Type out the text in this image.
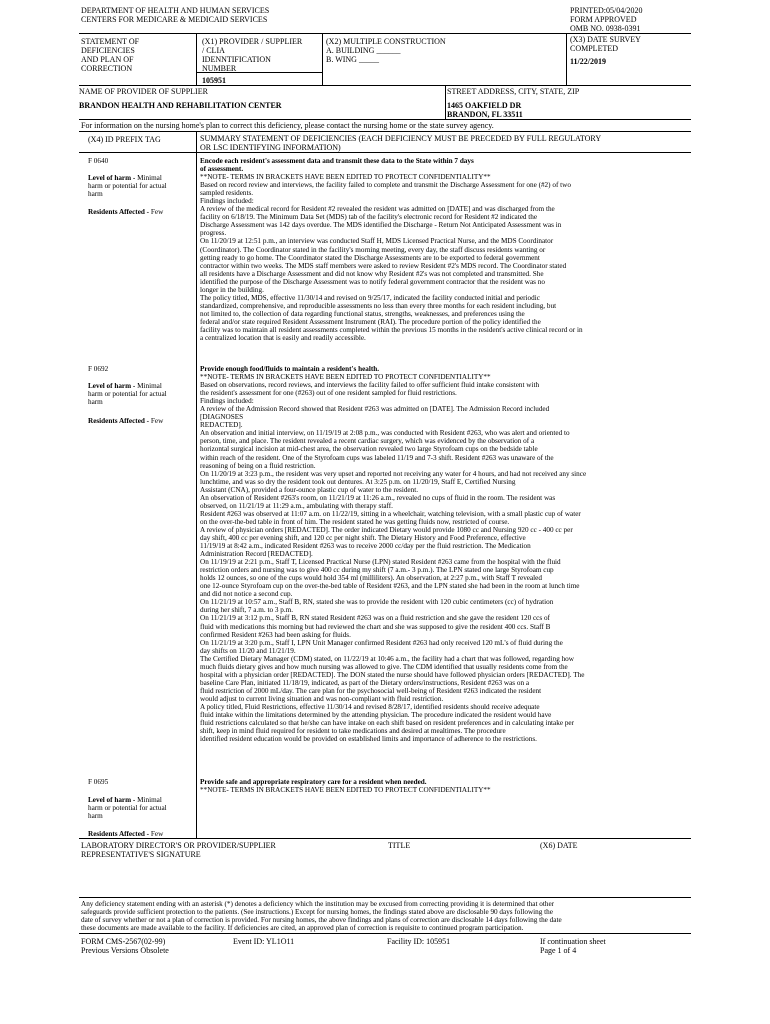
DEPARTMENT OF HEALTH AND HUMAN SERVICES
CENTERS FOR MEDICARE & MEDICAID SERVICES
PRINTED:05/04/2020
FORM APPROVED
OMB NO. 0938-0391
STATEMENT OF
DEFICIENCIES
AND PLAN OF
CORRECTION
(X1) PROVIDER / SUPPLIER
/ CLIA
IDENNTIFICATION
NUMBER
105951
(X2) MULTIPLE CONSTRUCTION
A. BUILDING ______
B. WING _____
(X3) DATE SURVEY
COMPLETED
11/22/2019
NAME OF PROVIDER OF SUPPLIER
BRANDON HEALTH AND REHABILITATION CENTER
STREET ADDRESS, CITY, STATE, ZIP
1465 OAKFIELD DR
BRANDON, FL 33511
For information on the nursing home's plan to correct this deficiency, please contact the nursing home or the state survey agency.
(X4) ID PREFIX TAG	SUMMARY STATEMENT OF DEFICIENCIES (EACH DEFICIENCY MUST BE PRECEDED BY FULL REGULATORY
OR LSC IDENTIFYING INFORMATION)
F 0640
Level of harm - Minimal
harm or potential for actual
harm
Residents Affected - Few
Encode each resident's assessment data and transmit these data to the State within 7 days
of assessment.
**NOTE- TERMS IN BRACKETS HAVE BEEN EDITED TO PROTECT CONFIDENTIALITY**
Based on record review and interviews, the facility failed to complete and transmit the Discharge Assessment for one (#2) of two
sampled residents.
Findings included:
A review of the medical record for Resident #2 revealed the resident was admitted on [DATE] and was discharged from the
facility on 6/18/19. The Minimum Data Set (MDS) tab of the facility's electronic record for Resident #2 indicated the
Discharge Assessment was 142 days overdue. The MDS identified the Discharge - Return Not Anticipated Assessment was in
progress.
On 11/20/19 at 12:51 p.m., an interview was conducted Staff H, MDS Licensed Practical Nurse, and the MDS Coordinator
(Coordinator). The Coordinator stated in the facility's morning meeting, every day, the staff discuss residents wanting or
getting ready to go home. The Coordinator stated the Discharge Assessments are to be exported to federal government
contractor within two weeks. The MDS staff members were asked to review Resident #2's MDS record. The Coordinator stated
all residents have a Discharge Assessment and did not know why Resident #2's was not completed and transmitted. She
identified the purpose of the Discharge Assessment was to notify federal government contractor that the resident was no
longer in the building.
The policy titled, MDS, effective 11/30/14 and revised on 9/25/17, indicated the facility conducted initial and periodic
standardized, comprehensive, and reproducible assessments no less than every three months for each resident including, but
not limited to, the collection of data regarding functional status, strengths, weaknesses, and preferences using the
federal and/or state required Resident Assessment Instrument (RAI). The procedure portion of the policy identified the
facility was to maintain all resident assessments completed within the previous 15 months in the resident's active clinical record or in
a centralized location that is easily and readily accessible.
F 0692
Level of harm - Minimal
harm or potential for actual
harm
Residents Affected - Few
Provide enough food/fluids to maintain a resident's health.
**NOTE- TERMS IN BRACKETS HAVE BEEN EDITED TO PROTECT CONFIDENTIALITY**
Based on observations, record reviews, and interviews the facility failed to offer sufficient fluid intake consistent with
the resident's assessment for one (#263) out of one resident sampled for fluid restrictions.
Findings included:
A review of the Admission Record showed that Resident #263 was admitted on [DATE]. The Admission Record included
[DIAGNOSES
REDACTED].
An observation and initial interview, on 11/19/19 at 2:08 p.m., was conducted with Resident #263, who was alert and oriented to
person, time, and place. The resident revealed a recent cardiac surgery, which was evidenced by the observation of a
horizontal surgical incision at mid-chest area, the observation revealed two large Styrofoam cups on the bedside table
within reach of the resident. One of the Styrofoam cups was labeled 11/19 and 7-3 shift. Resident #263 was unaware of the
reasoning of being on a fluid restriction.
On 11/20/19 at 3:23 p.m., the resident was very upset and reported not receiving any water for 4 hours, and had not received any since
lunchtime, and was so dry the resident took out dentures. At 3:25 p.m. on 11/20/19, Staff E, Certified Nursing
Assistant (CNA), provided a four-ounce plastic cup of water to the resident.
An observation of Resident #263's room, on 11/21/19 at 11:26 a.m., revealed no cups of fluid in the room. The resident was
observed, on 11/21/19 at 11:29 a.m., ambulating with therapy staff.
Resident #263 was observed at 11:07 a.m. on 11/22/19, sitting in a wheelchair, watching television, with a small plastic cup of water
on the over-the-bed table in front of him. The resident stated he was getting fluids now, restricted of course.
A review of physician orders [REDACTED]. The order indicated Dietary would provide 1080 cc and Nursing 920 cc - 400 cc per
day shift, 400 cc per evening shift, and 120 cc per night shift. The Dietary History and Food Preference, effective
11/19/19 at 8:42 a.m., indicated Resident #263 was to receive 2000 cc/day per the fluid restriction. The Medication
Administration Record [REDACTED].
On 11/19/19 at 2:21 p.m., Staff T, Licensed Practical Nurse (LPN) stated Resident #263 came from the hospital with the fluid
restriction orders and nursing was to give 400 cc during my shift (7 a.m.- 3 p.m.). The LPN stated one large Styrofoam cup
holds 12 ounces, so one of the cups would hold 354 ml (milliliters). An observation, at 2:27 p.m., with Staff T revealed
one 12-ounce Styrofoam cup on the over-the-bed table of Resident #263, and the LPN stated she had been in the room at lunch time
and did not notice a second cup.
On 11/21/19 at 10:57 a.m., Staff B, RN, stated she was to provide the resident with 120 cubic centimeters (cc) of hydration
during her shift, 7 a.m. to 3 p.m.
On 11/21/19 at 3:12 p.m., Staff B, RN stated Resident #263 was on a fluid restriction and she gave the resident 120 ccs of
fluid with medications this morning but had reviewed the chart and she was supposed to give the resident 400 ccs. Staff B
confirmed Resident #263 had been asking for fluids.
On 11/21/19 at 3:20 p.m., Staff I, LPN Unit Manager confirmed Resident #263 had only received 120 mL's of fluid during the
day shifts on 11/20 and 11/21/19.
The Certified Dietary Manager (CDM) stated, on 11/22/19 at 10:46 a.m., the facility had a chart that was followed, regarding how
much fluids dietary gives and how much nursing was allowed to give. The CDM identified that usually residents come from the
hospital with a physician order [REDACTED]. The DON stated the nurse should have followed physician orders [REDACTED]. The
baseline Care Plan, initiated 11/18/19, indicated, as part of the Dietary orders/instructions, Resident #263 was on a
fluid restriction of 2000 mL/day. The care plan for the psychosocial well-being of Resident #263 indicated the resident
would adjust to current living situation and was non-compliant with fluid restriction.
A policy titled, Fluid Restrictions, effective 11/30/14 and revised 8/28/17, identified residents should receive adequate
fluid intake within the limitations determined by the attending physician. The procedure indicated the resident would have
fluid restrictions calculated so that he/she can have intake on each shift based on resident preferences and in calculating intake per
shift, keep in mind fluid required for resident to take medications and desired at mealtimes. The procedure
identified resident education would be provided on established limits and importance of adherence to the restrictions.
F 0695
Level of harm - Minimal
harm or potential for actual
harm
Residents Affected - Few
Provide safe and appropriate respiratory care for a resident when needed.
**NOTE- TERMS IN BRACKETS HAVE BEEN EDITED TO PROTECT CONFIDENTIALITY**
LABORATORY DIRECTOR'S OR PROVIDER/SUPPLIER
REPRESENTATIVE'S SIGNATURE
TITLE	(X6) DATE
Any deficiency statement ending with an asterisk (*) denotes a deficiency which the institution may be excused from correcting providing it is determined that other
safeguards provide sufficient protection to the patients. (See instructions.) Except for nursing homes, the findings stated above are disclosable 90 days following the
date of survey whether or not a plan of correction is provided. For nursing homes, the above findings and plans of correction are disclosable 14 days following the date
these documents are made available to the facility. If deficiencies are cited, an approved plan of correction is requisite to continued program participation.
FORM CMS-2567(02-99)
Previous Versions Obsolete
Event ID: YL1O11	Facility ID: 105951	If continuation sheet
Page 1 of 4
